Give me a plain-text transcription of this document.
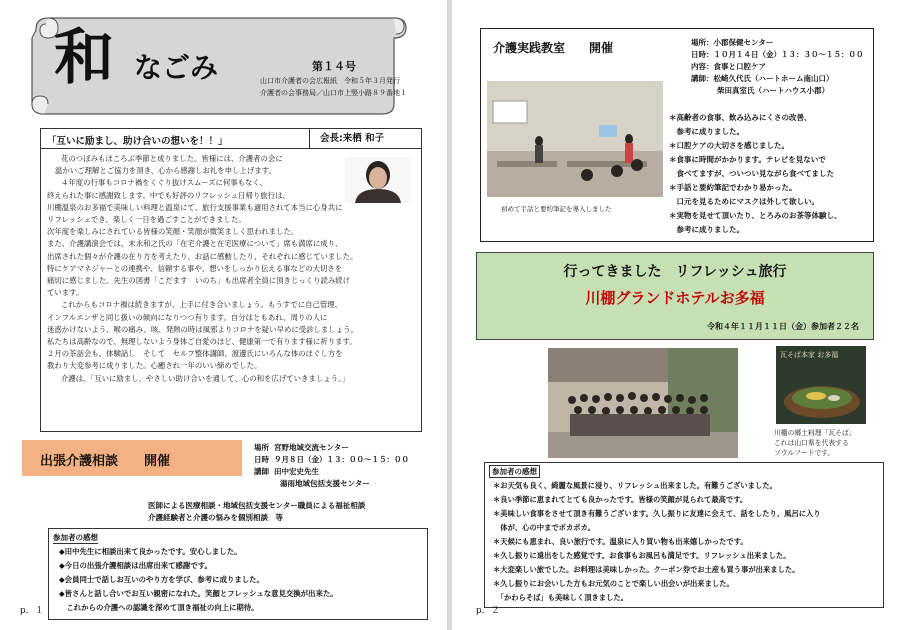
和 なごみ	第１４号
山口市介護者の会広報紙　令和５年３月発行
介護者の会事務局／山口市上竪小路８９番地１
「互いに励まし、助け合いの想いを！！」	会長:来栖 和子
花のつぼみもほころぶ季節と成りました。皆様には、介護者の会に
温かいご理解とご協力を頂き、心から感謝しお礼を申し上げます。
４年度の行事もコロナ禍をくぐり抜けスムーズに何事もなく、
終えられた事に感謝致します。中でも好評のリフレッシュ日帰り旅行は、
川棚温泉のお多福で美味しい料理と温泉にて、旅行支援事業も適用されて本当に心身共に
リフレッシュでき、楽しく一日を過ごすことができました。
次年度を楽しみにされている皆様の笑顔・笑顔が微笑ましく思われました。
また、介護講演会では、末永和之氏の「在宅介護と在宅医療について」席も満席に成り、
出席された個々が介護の在り方を考えたり、お話に感動したり、それぞれに感じていました。
特にケアマネジャーとの連携や、信頼する事や、想いをしっかり伝える事などの大切さを
痛切に感じました。先生の図書「こだます　いのち」も出席者全員に頂きじっくり読み続け
ています。
これからもコロナ禍は続きますが、上手に付き合いましょう。もうすでに自己管理、
インフルエンザと同じ扱いの傾向になりつつ有ります。自分はともあれ、周りの人に
迷惑かけないよう、喉の痛み、咳、発熱の時は風邪よりコロナを疑い早めに受診しましょう。
私たちは高齢なので、無理しないよう身体ご自愛のほど、健康第一で有ります様に祈ります。
２月の茶話会も、体験話し　そして　セルフ整体講師、渡邊氏にいろんな体のほぐし方を
教わり大変参考に成りました。心癒され一年のいい締めでした。
介護は、「互いに励まし、やさしい助け合いを通して、心の和を広げていきましょう。」
出張介護相談　　開催
場所 宮野地域交流センター
日時 ９月８日（金）１３：００～１５：００
講師 田中宏史先生
湯雨地域包括支援センター
医師による医療相談・地域包括支援センター職員による福祉相談
介護経験者と介護の悩みを個別相談　等
参加者の感想
◆田中先生に相談出来て良かったです。安心しました。
◆今日の出張介護相談は出席出来て感謝です。
◆会員同士で話しお互いのやり方を学び、参考に成りました。
◆皆さんと話し合いでお互い親密になれた。笑顔とフレッシュな意見交換が出来た。
　これからの介護への認識を深めて頂き福祉の向上に期待。
p．１
介護実践教室　　開催	場所：小郡保健センター
日時：１０月１４日（金）１３：３０～１５：００
内容：食事と口腔ケア
講師：松崎久代氏（ハートホーム南山口）
柴田真室氏（ハートハウス小郡）
初めて手話と要約筆記を導入しました
＊高齢者の食事、飲み込みにくさの改善、
　参考に成りました。
＊口腔ケアの大切さを感じました。
＊食事に時間がかかります。テレビを見ないで
　食べてますが、ついつい見ながら食べてました
＊手話と要約筆記でわかり易かった。
　口元を見るためにマスクは外して欲しい。
＊実物を見せて頂いたり、とろみのお茶等体験し、
　参考に成りました。
行ってきました　リフレッシュ旅行
川棚グランドホテルお多福
令和４年１１月１１日（金）参加者２２名
瓦そば本家 お多福
川棚の郷土料理「瓦そば」
これは山口県を代表する
ソウルフードです。
参加者の感想
＊お天気も良く、綺麗な風景に浸り、リフレッシュ出来ました。有難うございました。
＊良い季節に恵まれてとても良かったです。皆様の笑顔が見られて最高です。
＊美味しい食事をさせて頂き有難うございます。久し振りに友達に会えて、話をしたり、風呂に入り
　体が、心の中までポカポカ。
＊天候にも恵まれ、良い旅行です。温泉に入り買い物も出来嬉しかったです。
＊久し振りに遠出をした感覚です。お食事もお風呂も満足です。リフレッシュ出来ました。
＊大変楽しい旅でした。お料理は美味しかった。クーポン券でお土産も買う事が出来ました。
＊久し振りにお会いした方もお元気のことで楽しい出会いが出来ました。
　「かわらそば」も美味しく頂きました。
p．２
